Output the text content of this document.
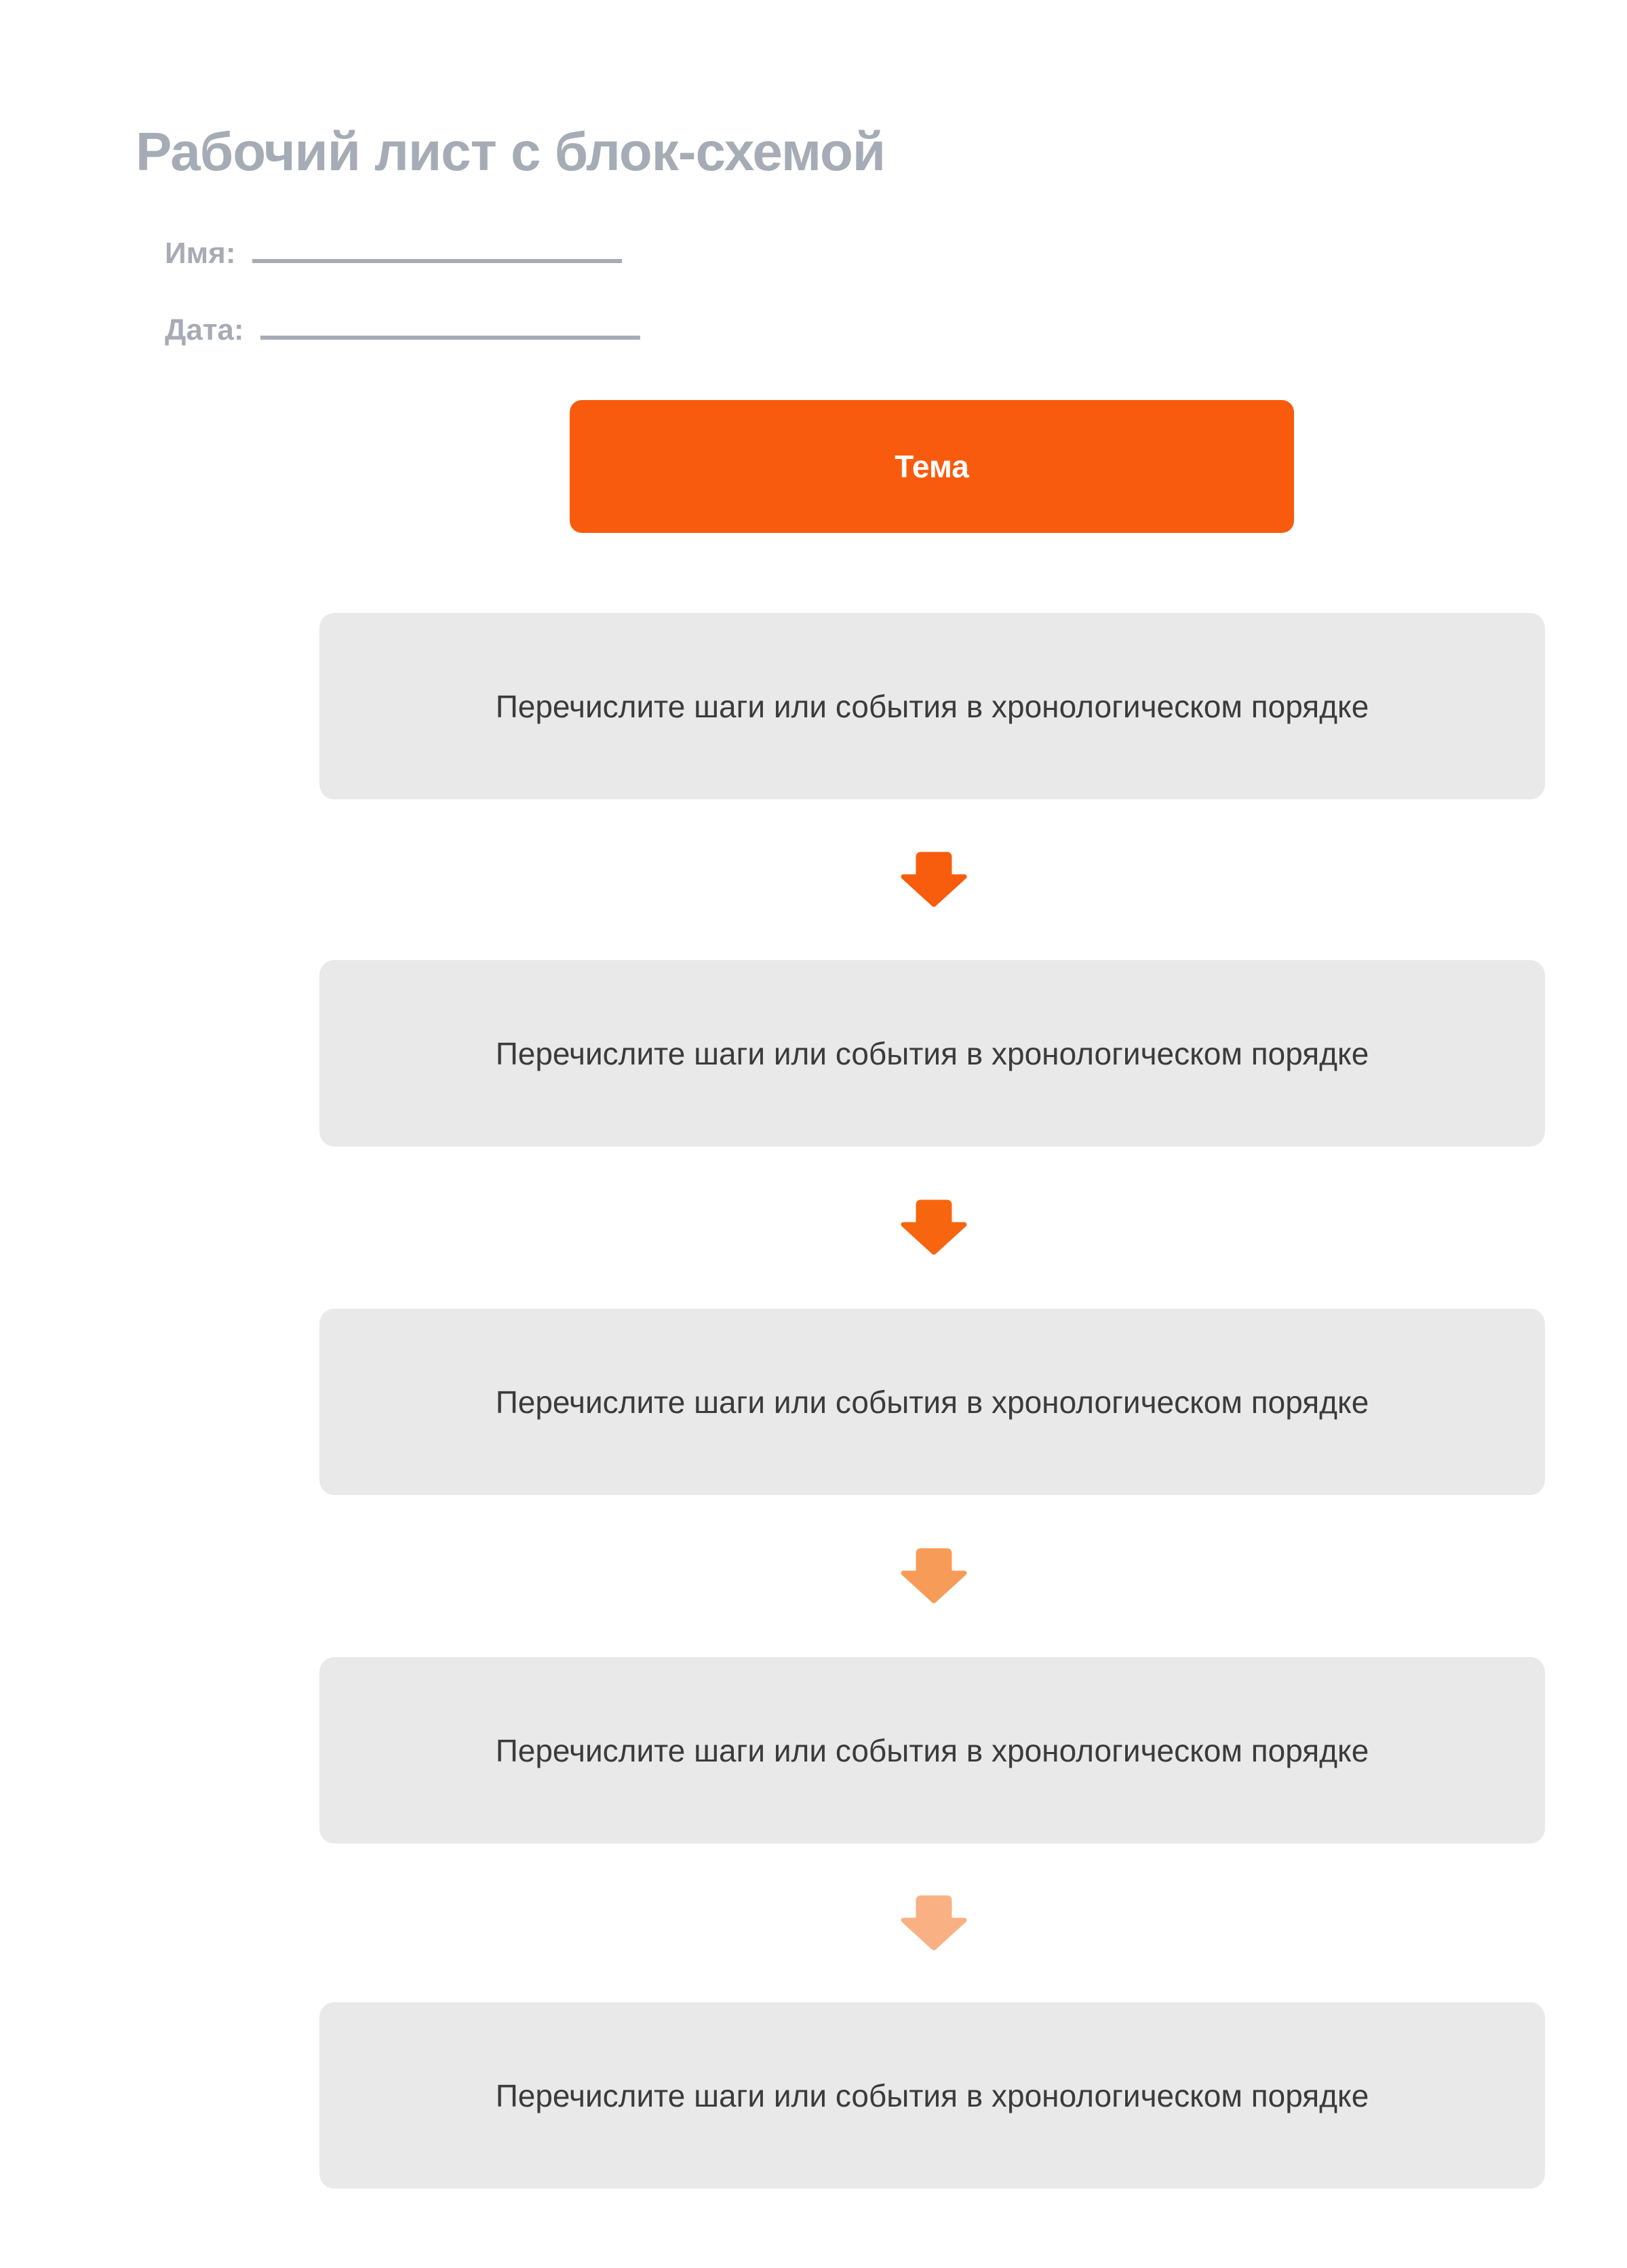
Рабочий лист с блок-схемой
Имя:
Дата:
Тема
Перечислите шаги или события в хронологическом порядке
Перечислите шаги или события в хронологическом порядке
Перечислите шаги или события в хронологическом порядке
Перечислите шаги или события в хронологическом порядке
Перечислите шаги или события в хронологическом порядке
